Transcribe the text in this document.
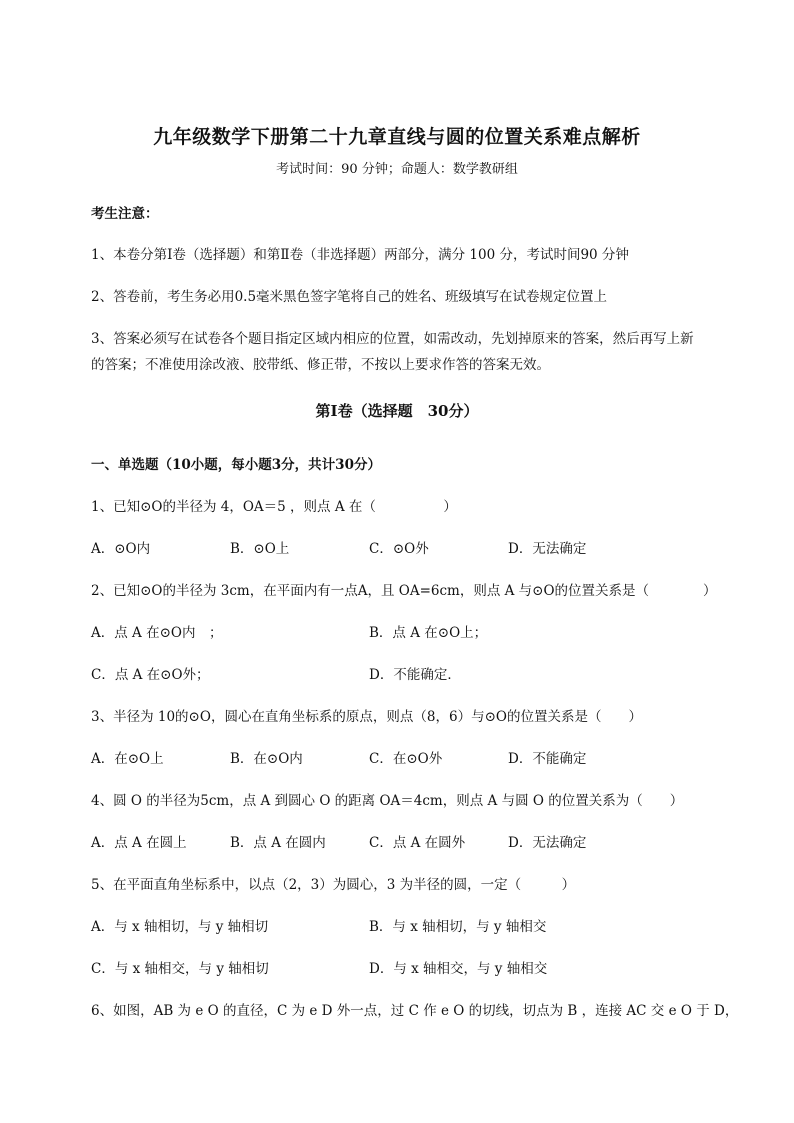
九年级数学下册第二十九章直线与圆的位置关系难点解析
考试时间：90 分钟；命题人：数学教研组
考生注意：
1、本卷分第Ⅰ卷（选择题）和第Ⅱ卷（非选择题）两部分，满分 100 分，考试时间90 分钟
2、答卷前，考生务必用0.5毫米黑色签字笔将自己的姓名、班级填写在试卷规定位置上
3、答案必须写在试卷各个题目指定区域内相应的位置，如需改动，先划掉原来的答案，然后再写上新
的答案；不准使用涂改液、胶带纸、修正带，不按以上要求作答的答案无效。
第Ⅰ卷（选择题　30分）
一、单选题（10小题，每小题3分，共计30分）
1、已知⊙O的半径为 4，OA＝5 ，则点 A 在（　　　　　）
A．⊙O内	B．⊙O上	C．⊙O外	D．无法确定
2、已知⊙O的半径为 3cm，在平面内有一点A，且 OA=6cm，则点 A 与⊙O的位置关系是（　　　　）
A．点 A 在⊙O内　；	B．点 A 在⊙O上；
C．点 A 在⊙O外；	D．不能确定．
3、半径为 10的⊙O，圆心在直角坐标系的原点，则点（8，6）与⊙O的位置关系是（　　）
A．在⊙O上	B．在⊙O内	C．在⊙O外	D．不能确定
4、圆 O 的半径为5cm，点 A 到圆心 O 的距离 OA＝4cm，则点 A 与圆 O 的位置关系为（　　）
A．点 A 在圆上	B．点 A 在圆内	C．点 A 在圆外	D．无法确定
5、在平面直角坐标系中，以点（2，3）为圆心，3 为半径的圆，一定（　　　）
A．与 x 轴相切，与 y 轴相切	B．与 x 轴相切，与 y 轴相交
C．与 x 轴相交，与 y 轴相切	D．与 x 轴相交，与 y 轴相交
6、如图，AB 为 e O 的直径，C 为 e D 外一点，过 C 作 e O 的切线，切点为 B ，连接 AC 交 e O 于 D，
